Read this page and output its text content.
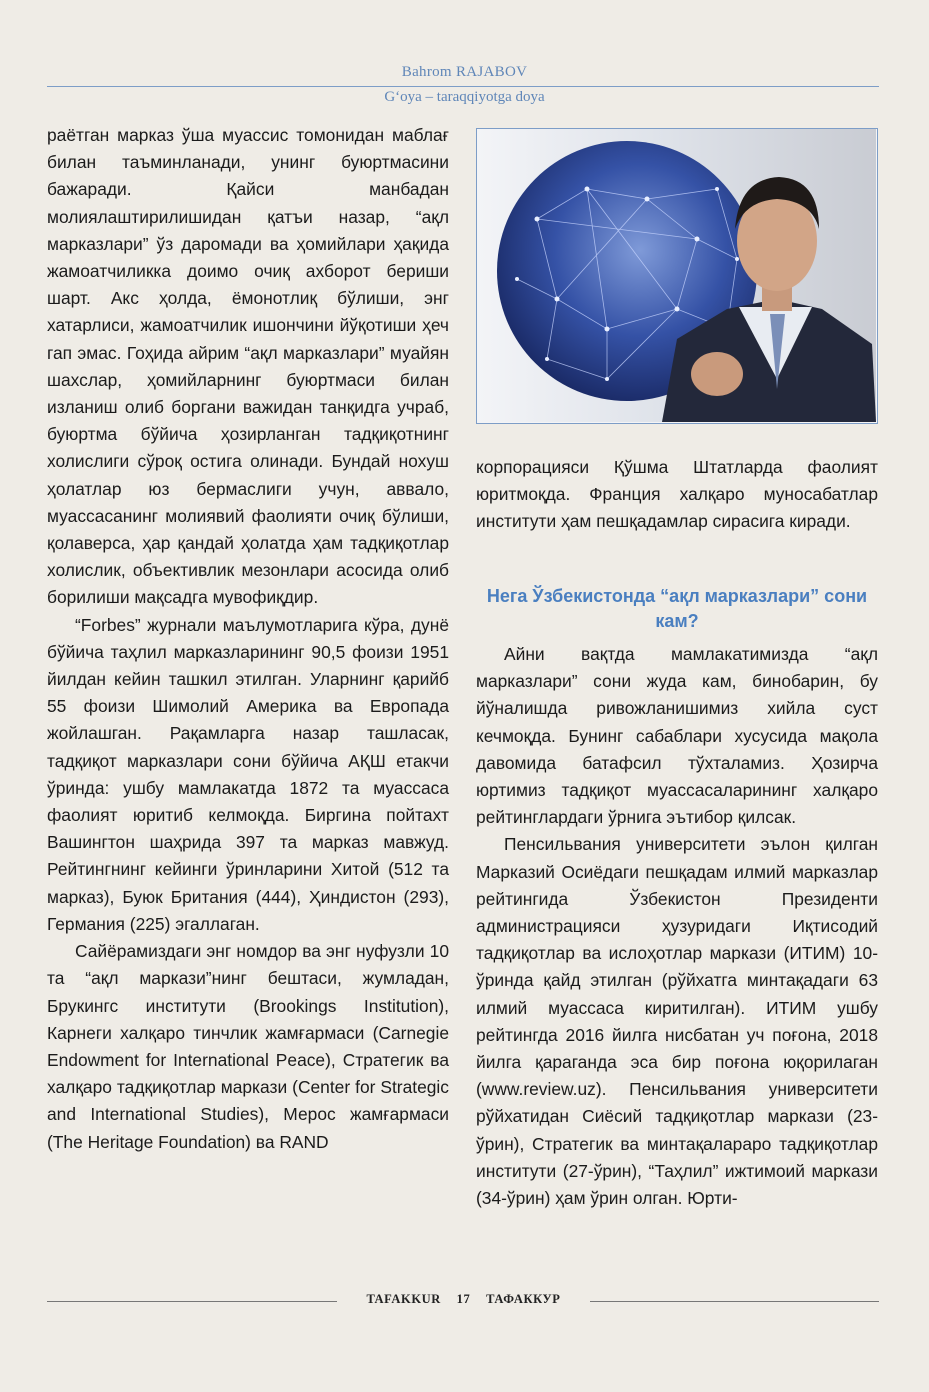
Bahrom RAJABOV
G‘oya – taraqqiyotga doya

раётган марказ ўша муассис томонидан маблағ билан таъминланади, унинг буюртмасини бажаради. Қайси манбадан молиялаштирилишидан қатъи назар, “ақл марказлари” ўз даромади ва ҳомийлари ҳақида жамоатчиликка доимо очиқ ахборот бериши шарт. Акс ҳолда, ёмонотлиқ бўлиши, энг хатарлиси, жамоатчилик ишончини йўқотиши ҳеч гап эмас. Гоҳида айрим “ақл марказлари” муайян шахслар, ҳомийларнинг буюртмаси билан изланиш олиб боргани важидан танқидга учраб, буюртма бўйича ҳозирланган тадқиқотнинг холислиги сўроқ остига олинади. Бундай нохуш ҳолатлар юз бермаслиги учун, аввало, муассасанинг молиявий фаолияти очиқ бўлиши, қолаверса, ҳар қандай ҳолатда ҳам тадқиқотлар холислик, объективлик мезонлари асосида олиб борилиши мақсадга мувофиқдир.

“Forbes” журнали маълумотларига кўра, дунё бўйича таҳлил марказларининг 90,5 фоизи 1951 йилдан кейин ташкил этилган. Уларнинг қарийб 55 фоизи Шимолий Америка ва Европада жойлашган. Рақамларга назар ташласак, тадқиқот марказлари сони бўйича АҚШ етакчи ўринда: ушбу мамлакатда 1872 та муассаса фаолият юритиб келмоқда. Биргина пойтахт Вашингтон шаҳрида 397 та марказ мавжуд. Рейтингнинг кейинги ўринларини Хитой (512 та марказ), Буюк Британия (444), Ҳиндистон (293), Германия (225) эгаллаган.

Сайёрамиздаги энг номдор ва энг нуфузли 10 та “ақл маркази”нинг бештаси, жумладан, Брукингс институти (Brookings Institution), Карнеги халқаро тинчлик жамғармаси (Carnegie Endowment for International Peace), Стратегик ва халқаро тадқиқотлар маркази (Center for Strategic and International Studies), Мерос жамғармаси (The Heritage Foundation) ва RAND

корпорацияси Қўшма Штатларда фаолият юритмоқда. Франция халқаро муносабатлар институти ҳам пешқадамлар сирасига киради.

Нега Ўзбекистонда “ақл марказлари” сони кам?

Айни вақтда мамлакатимизда “ақл марказлари” сони жуда кам, бинобарин, бу йўналишда ривожланишимиз хийла суст кечмоқда. Бунинг сабаблари хусусида мақола давомида батафсил тўхталамиз. Ҳозирча юртимиз тадқиқот муассасаларининг халқаро рейтинглардаги ўрнига эътибор қилсак.

Пенсильвания университети эълон қилган Марказий Осиёдаги пешқадам илмий марказлар рейтингида Ўзбекистон Президенти администрацияси ҳузуридаги Иқтисодий тадқиқотлар ва ислоҳотлар маркази (ИТИМ) 10-ўринда қайд этилган (рўйхатга минтақадаги 63 илмий муассаса киритилган). ИТИМ ушбу рейтингда 2016 йилга нисбатан уч поғона, 2018 йилга қараганда эса бир поғона юқорилаган (www.review.uz). Пенсильвания университети рўйхатидан Сиёсий тадқиқотлар маркази (23-ўрин), Стратегик ва минтақалараро тадқиқотлар институти (27-ўрин), “Таҳлил” ижтимоий маркази (34-ўрин) ҳам ўрин олган. Юрти-

TAFAKKUR 17 ТАФАККУР
